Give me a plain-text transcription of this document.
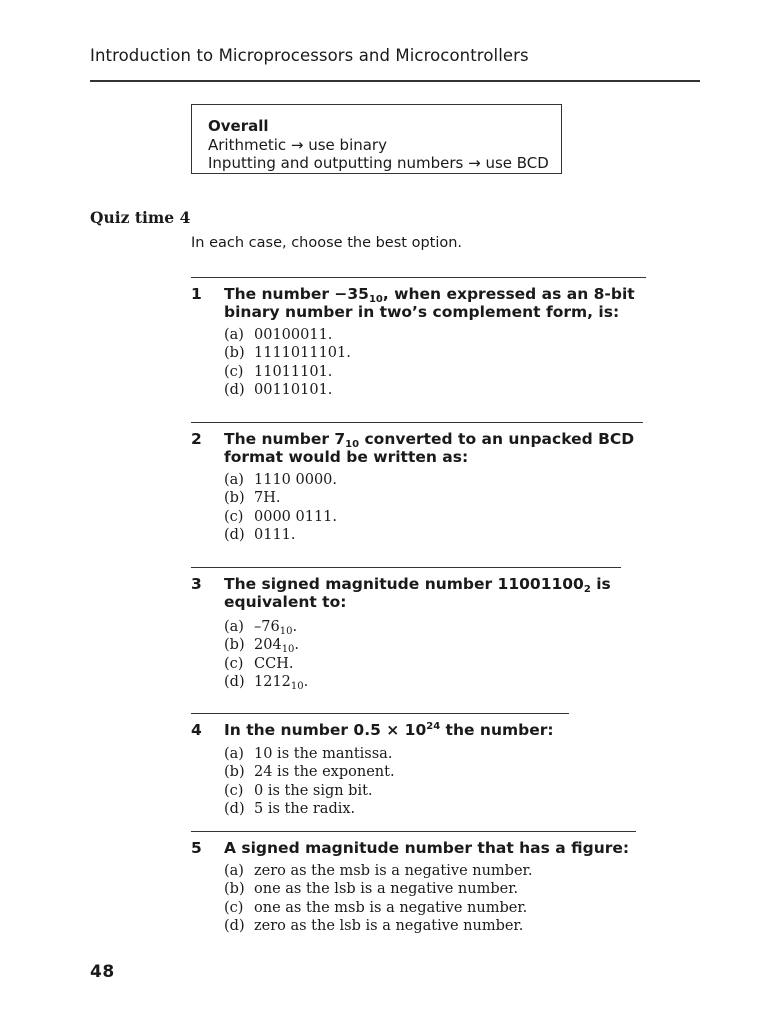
Introduction to Microprocessors and Microcontrollers
Overall
Arithmetic → use binary
Inputting and outputting numbers → use BCD
Quiz time 4
In each case, choose the best option.
1 The number $-35_{10}$, when expressed as an 8-bit binary number in two’s complement form, is:
(a) 00100011.
(b) 1111011101.
(c) 11011101.
(d) 00110101.
2 The number $7_{10}$ converted to an unpacked BCD format would be written as:
(a) 1110 0000.
(b) 7H.
(c) 0000 0111.
(d) 0111.
3 The signed magnitude number $11001100_2$ is equivalent to:
(a) $-76_{10}$.
(b) $204_{10}$.
(c) CCH.
(d) $1212_{10}$.
4 In the number $0.5 \times 10^{24}$ the number:
(a) 10 is the mantissa.
(b) 24 is the exponent.
(c) 0 is the sign bit.
(d) 5 is the radix.
5 A signed magnitude number that has a figure:
(a) zero as the msb is a negative number.
(b) one as the lsb is a negative number.
(c) one as the msb is a negative number.
(d) zero as the lsb is a negative number.
48
